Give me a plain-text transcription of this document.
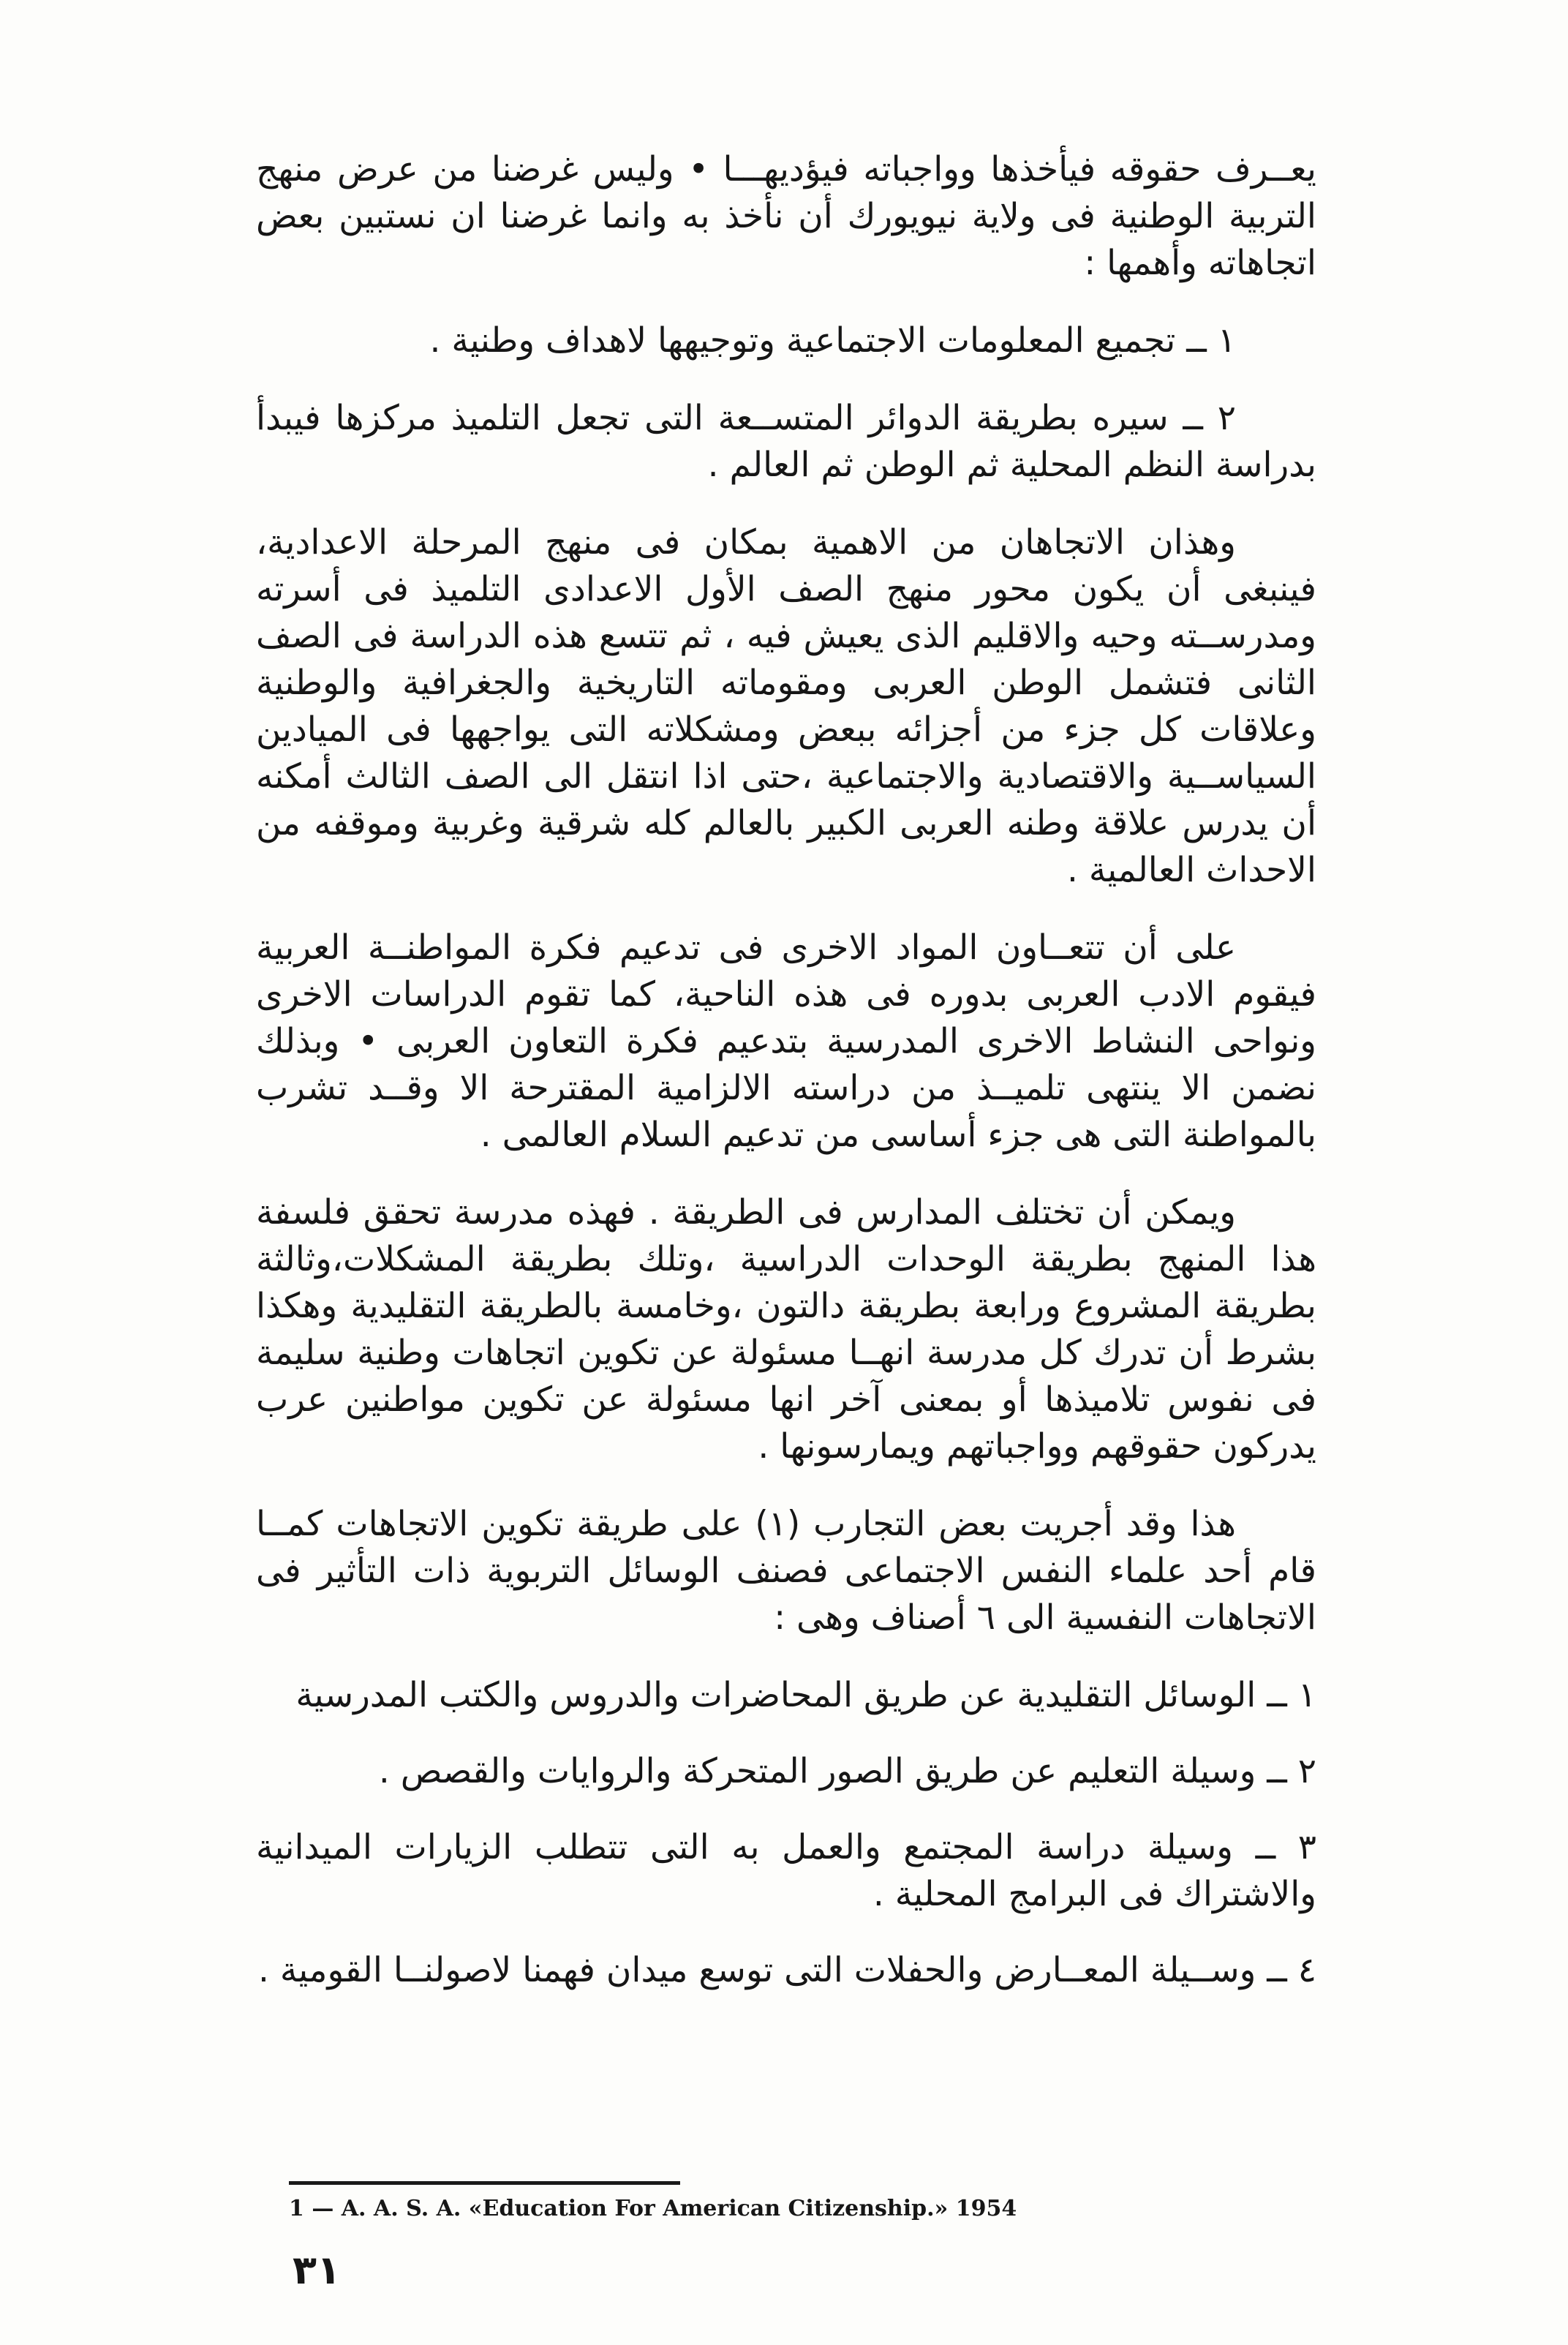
يعــرف حقوقه فيأخذها وواجباته فيؤديهـــا • وليس غرضنا من عرض منهج التربية الوطنية فى ولاية نيويورك أن نأخذ به وانما غرضنا ان نستبين بعض اتجاهاته وأهمها :

١ ــ تجميع المعلومات الاجتماعية وتوجيهها لاهداف وطنية .

٢ ــ سيره بطريقة الدوائر المتســعة التى تجعل التلميذ مركزها فيبدأ بدراسة النظم المحلية ثم الوطن ثم العالم .

وهذان الاتجاهان من الاهمية بمكان فى منهج المرحلة الاعدادية، فينبغى أن يكون محور منهج الصف الأول الاعدادى التلميذ فى أسرته ومدرســته وحيه والاقليم الذى يعيش فيه ، ثم تتسع هذه الدراسة فى الصف الثانى فتشمل الوطن العربى ومقوماته التاريخية والجغرافية والوطنية وعلاقات كل جزء من أجزائه ببعض ومشكلاته التى يواجهها فى الميادين السياســية والاقتصادية والاجتماعية ،حتى اذا انتقل الى الصف الثالث أمكنه أن يدرس علاقة وطنه العربى الكبير بالعالم كله شرقية وغربية وموقفه من الاحداث العالمية .

على أن تتعــاون المواد الاخرى فى تدعيم فكرة المواطنــة العربية فيقوم الادب العربى بدوره فى هذه الناحية، كما تقوم الدراسات الاخرى ونواحى النشاط الاخرى المدرسية بتدعيم فكرة التعاون العربى • وبذلك نضمن الا ينتهى تلميــذ من دراسته الالزامية المقترحة الا وقــد تشرب بالمواطنة التى هى جزء أساسى من تدعيم السلام العالمى .

ويمكن أن تختلف المدارس فى الطريقة . فهذه مدرسة تحقق فلسفة هذا المنهج بطريقة الوحدات الدراسية ،وتلك بطريقة المشكلات،وثالثة بطريقة المشروع ورابعة بطريقة دالتون ،وخامسة بالطريقة التقليدية وهكذا بشرط أن تدرك كل مدرسة انهــا مسئولة عن تكوين اتجاهات وطنية سليمة فى نفوس تلاميذها أو بمعنى آخر انها مسئولة عن تكوين مواطنين عرب يدركون حقوقهم وواجباتهم ويمارسونها .

هذا وقد أجريت بعض التجارب (١) على طريقة تكوين الاتجاهات كمــا قام أحد علماء النفس الاجتماعى فصنف الوسائل التربوية ذات التأثير فى الاتجاهات النفسية الى ٦ أصناف وهى :

١ ــ الوسائل التقليدية عن طريق المحاضرات والدروس والكتب المدرسية

٢ ــ وسيلة التعليم عن طريق الصور المتحركة والروايات والقصص .

٣ ــ وسيلة دراسة المجتمع والعمل به التى تتطلب الزيارات الميدانية والاشتراك فى البرامج المحلية .

٤ ــ وســيلة المعــارض والحفلات التى توسع ميدان فهمنا لاصولنــا القومية .

1 — A. A. S. A. «Education For American Citizenship.» 1954
٣١
